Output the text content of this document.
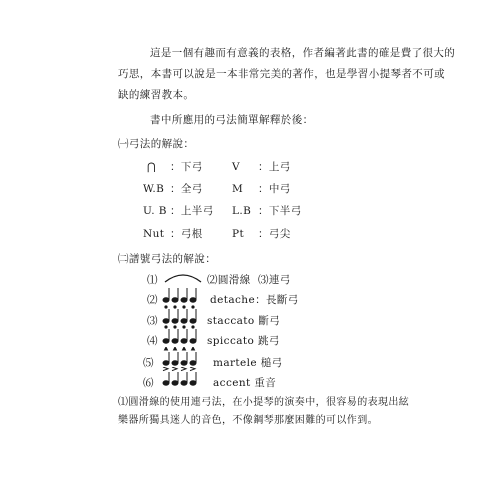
這是一個有趣而有意義的表格，作者編著此書的確是費了很大的
巧思，本書可以說是一本非常完美的著作，也是學習小提琴者不可或
缺的練習教本。
書中所應用的弓法簡單解釋於後：
㈠弓法的解說：
⋂ ：下弓	V ：上弓
W.B ：全弓	M ：中弓
U. B ：上半弓 L.B ：下半弓
Nut ：弓根	Pt ：弓尖
㈡譜號弓法的解說：
⑴	⑵圓滑線 ⑶連弓
⑵	detache：長斷弓
⑶	staccato 斷弓
⑷	spiccato 跳弓
⑸	martele 槌弓
⑹	accent 重音
⑴圓滑線的使用連弓法，在小提琴的演奏中，很容易的表現出絃
樂器所獨具迷人的音色，不像鋼琴那麼困難的可以作到。
